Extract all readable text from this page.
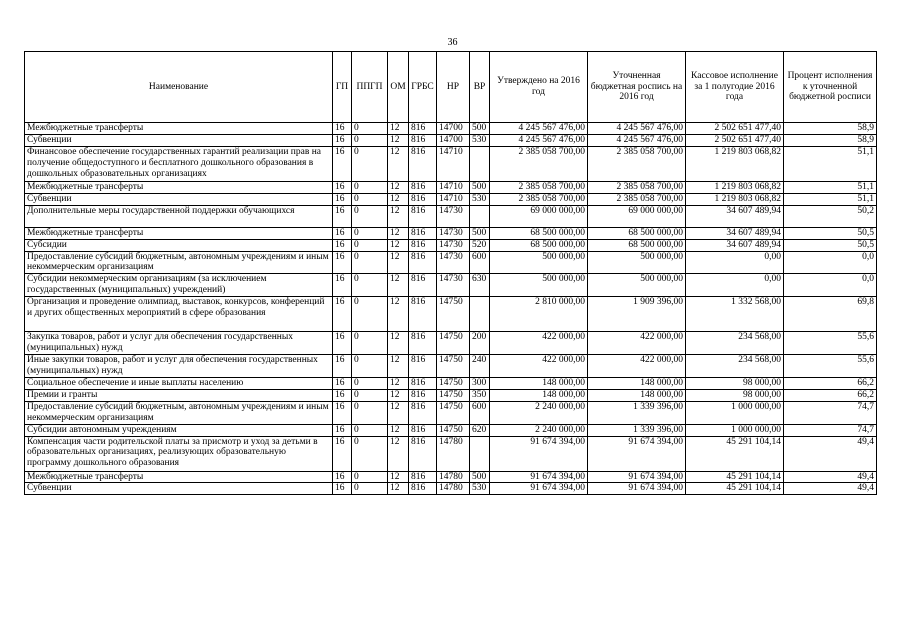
36
Наименование	ГП	ППГП	ОМ	ГРБС	НР	ВР	Утверждено на 2016 год	Уточненная бюджетная роспись на 2016 год	Кассовое исполнение за 1 полугодие 2016 года	Процент исполнения к уточненной бюджетной росписи
Межбюджетные трансферты	16	0	12	816	14700	500	4 245 567 476,00	4 245 567 476,00	2 502 651 477,40	58,9
Субвенции	16	0	12	816	14700	530	4 245 567 476,00	4 245 567 476,00	2 502 651 477,40	58,9
Финансовое обеспечение государственных гарантий реализации прав на получение общедоступного и бесплатного дошкольного образования в дошкольных образовательных организациях	16	0	12	816	14710		2 385 058 700,00	2 385 058 700,00	1 219 803 068,82	51,1
Межбюджетные трансферты	16	0	12	816	14710	500	2 385 058 700,00	2 385 058 700,00	1 219 803 068,82	51,1
Субвенции	16	0	12	816	14710	530	2 385 058 700,00	2 385 058 700,00	1 219 803 068,82	51,1
Дополнительные меры государственной поддержки обучающихся	16	0	12	816	14730		69 000 000,00	69 000 000,00	34 607 489,94	50,2
Межбюджетные трансферты	16	0	12	816	14730	500	68 500 000,00	68 500 000,00	34 607 489,94	50,5
Субсидии	16	0	12	816	14730	520	68 500 000,00	68 500 000,00	34 607 489,94	50,5
Предоставление субсидий бюджетным, автономным учреждениям и иным некоммерческим организациям	16	0	12	816	14730	600	500 000,00	500 000,00	0,00	0,0
Субсидии некоммерческим организациям (за исключением государственных (муниципальных) учреждений)	16	0	12	816	14730	630	500 000,00	500 000,00	0,00	0,0
Организация и проведение олимпиад, выставок, конкурсов, конференций и других общественных мероприятий в сфере образования	16	0	12	816	14750		2 810 000,00	1 909 396,00	1 332 568,00	69,8
Закупка товаров, работ и услуг для обеспечения государственных (муниципальных) нужд	16	0	12	816	14750	200	422 000,00	422 000,00	234 568,00	55,6
Иные закупки товаров, работ и услуг для обеспечения государственных (муниципальных) нужд	16	0	12	816	14750	240	422 000,00	422 000,00	234 568,00	55,6
Социальное обеспечение и иные выплаты населению	16	0	12	816	14750	300	148 000,00	148 000,00	98 000,00	66,2
Премии и гранты	16	0	12	816	14750	350	148 000,00	148 000,00	98 000,00	66,2
Предоставление субсидий бюджетным, автономным учреждениям и иным некоммерческим организациям	16	0	12	816	14750	600	2 240 000,00	1 339 396,00	1 000 000,00	74,7
Субсидии автономным учреждениям	16	0	12	816	14750	620	2 240 000,00	1 339 396,00	1 000 000,00	74,7
Компенсация части родительской платы за присмотр и уход за детьми в образовательных организациях, реализующих образовательную программу дошкольного образования	16	0	12	816	14780		91 674 394,00	91 674 394,00	45 291 104,14	49,4
Межбюджетные трансферты	16	0	12	816	14780	500	91 674 394,00	91 674 394,00	45 291 104,14	49,4
Субвенции	16	0	12	816	14780	530	91 674 394,00	91 674 394,00	45 291 104,14	49,4
